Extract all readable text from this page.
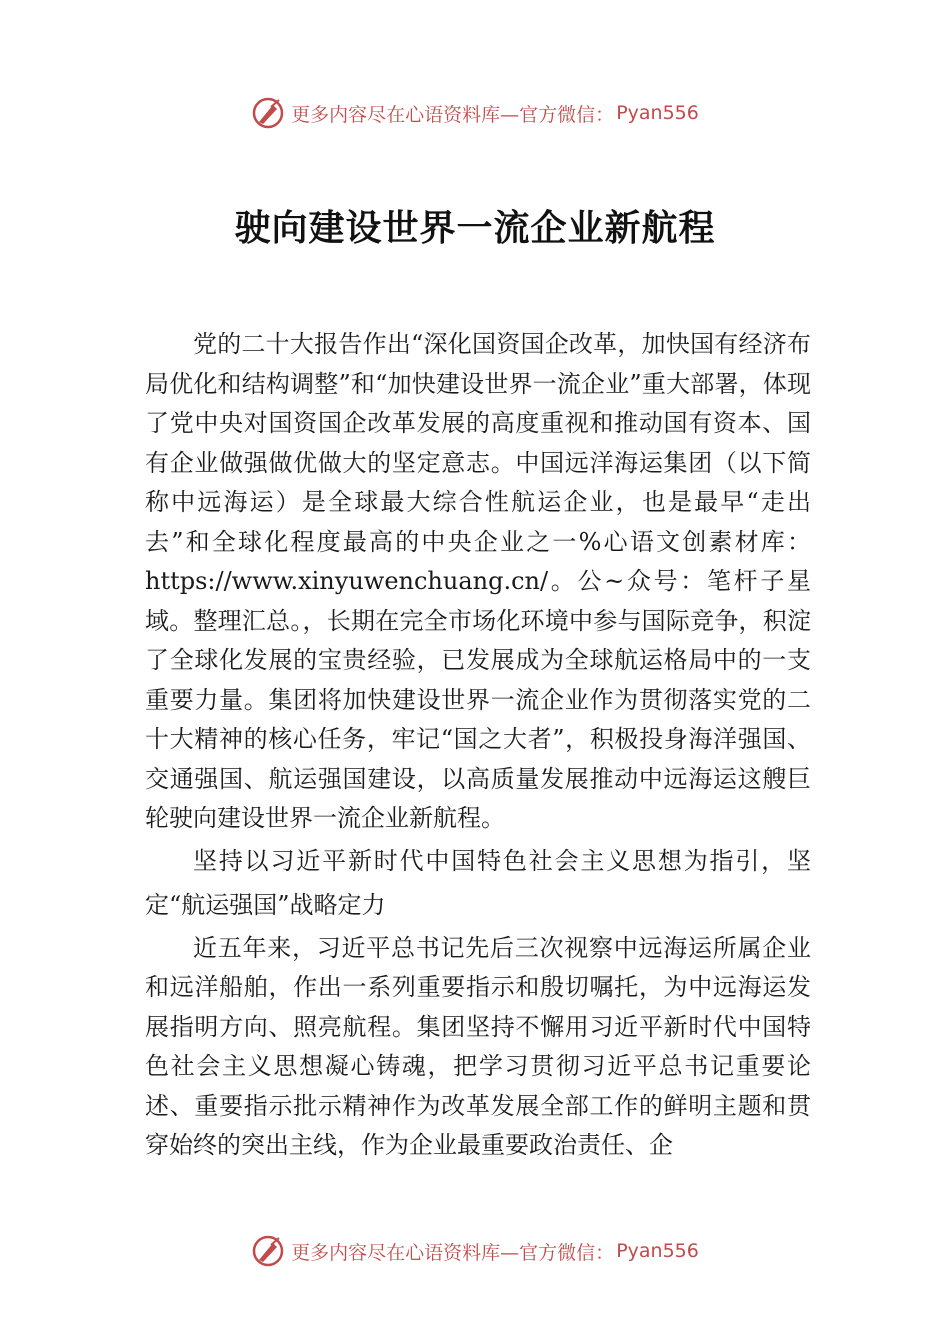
更多内容尽在心语资料库— 官方微信： Pyan556
驶向建设世界一流企业新航程

党的二十大报告作出“深化国资国企改革，加快国有经济布局优化和结构调整”和“加快建设世界一流企业”重大部署，体现了党中央对国资国企改革发展的高度重视和推动国有资本、国有企业做强做优做大的坚定意志。中国远洋海运集团（以下简称中远海运）是全球最大综合性航运企业，也是最早“走出去”和全球化程度最高的中央企业之一%心语文创素材库：https://www.xinyuwenchuang.cn/。公~众号：笔杆子星域。整理汇总。，长期在完全市场化环境中参与国际竞争，积淀了全球化发展的宝贵经验，已发展成为全球航运格局中的一支重要力量。集团将加快建设世界一流企业作为贯彻落实党的二十大精神的核心任务，牢记“国之大者”，积极投身海洋强国、交通强国、航运强国建设，以高质量发展推动中远海运这艘巨轮驶向建设世界一流企业新航程。

坚持以习近平新时代中国特色社会主义思想为指引，坚定“航运强国”战略定力

近五年来，习近平总书记先后三次视察中远海运所属企业和远洋船舶，作出一系列重要指示和殷切嘱托，为中远海运发展指明方向、照亮航程。集团坚持不懈用习近平新时代中国特色社会主义思想凝心铸魂，把学习贯彻习近平总书记重要论述、重要指示批示精神作为改革发展全部工作的鲜明主题和贯穿始终的突出主线，作为企业最重要政治责任、企

更多内容尽在心语资料库— 官方微信： Pyan556
